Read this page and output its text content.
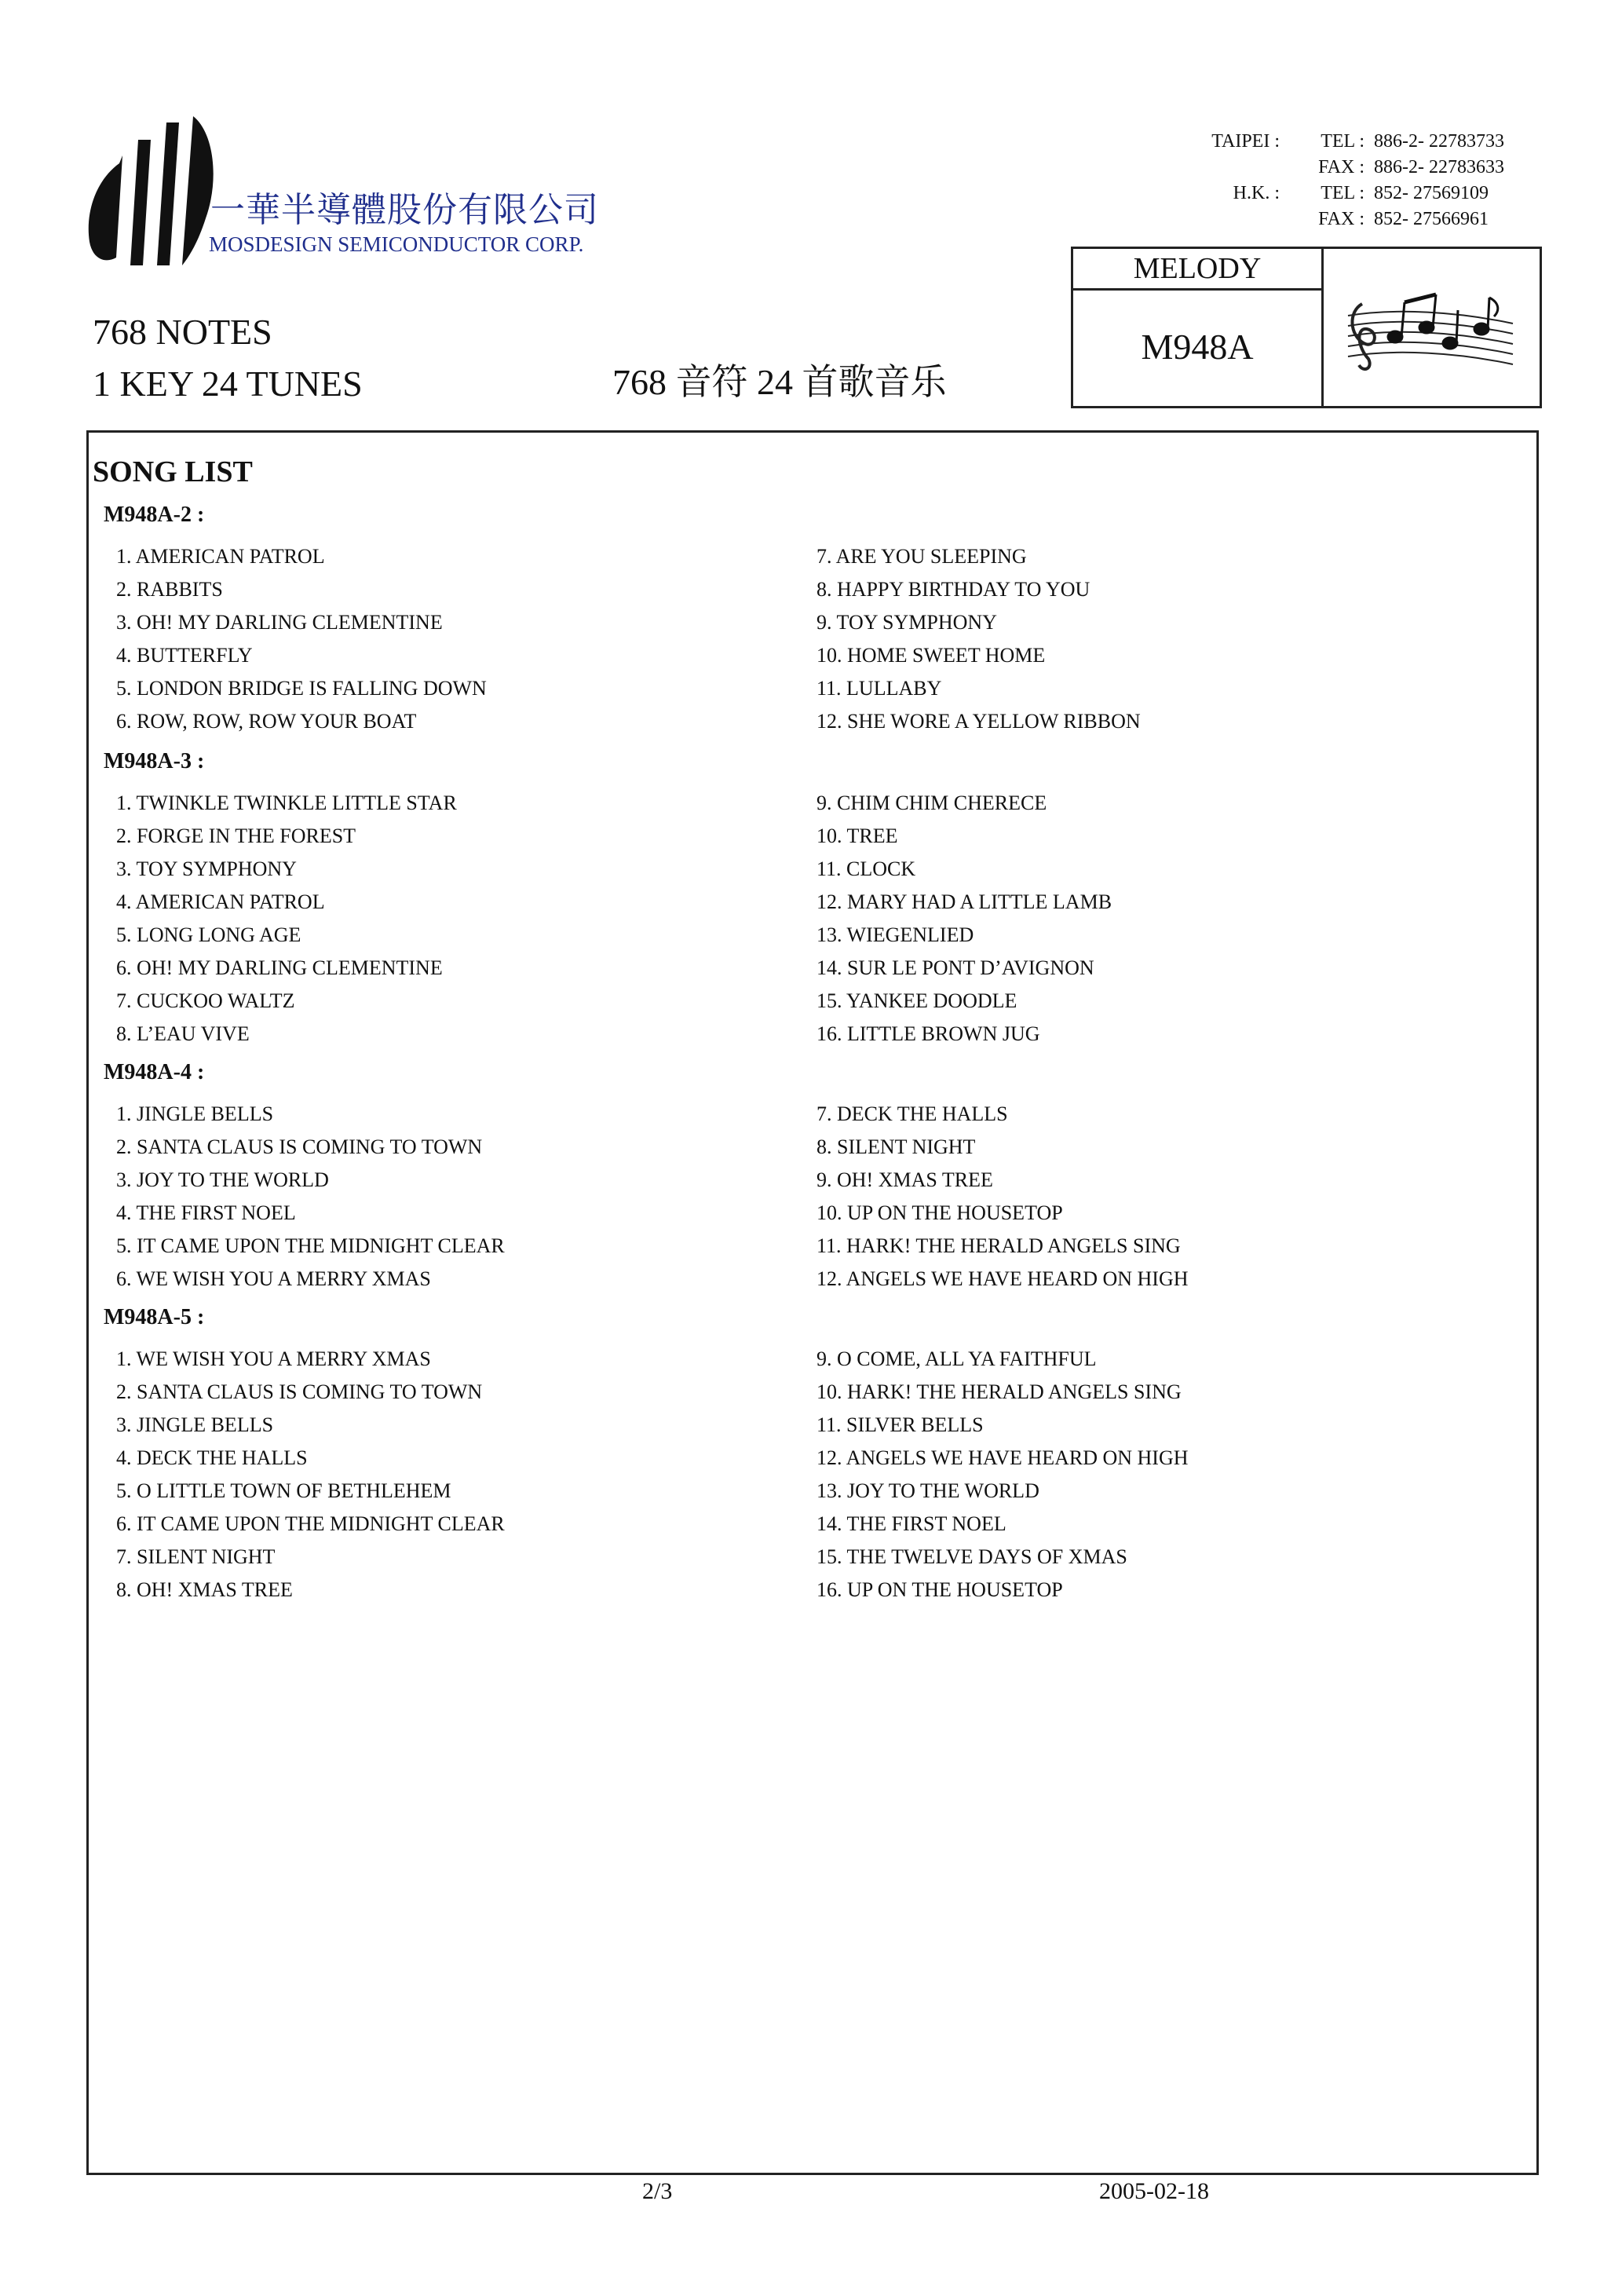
一華半導體股份有限公司
MOSDESIGN SEMICONDUCTOR CORP.
TAIPEI :	TEL : 886-2- 22783733
FAX : 886-2- 22783633
H.K. :	TEL : 852- 27569109
FAX : 852- 27566961
MELODY
M948A
768 NOTES
1 KEY 24 TUNES	768 音符 24 首歌音乐
SONG LIST
M948A-2 :
1. AMERICAN PATROL
2. RABBITS
3. OH! MY DARLING CLEMENTINE
4. BUTTERFLY
5. LONDON BRIDGE IS FALLING DOWN
6. ROW, ROW, ROW YOUR BOAT
7. ARE YOU SLEEPING
8. HAPPY BIRTHDAY TO YOU
9. TOY SYMPHONY
10. HOME SWEET HOME
11. LULLABY
12. SHE WORE A YELLOW RIBBON
M948A-3 :
1. TWINKLE TWINKLE LITTLE STAR
2. FORGE IN THE FOREST
3. TOY SYMPHONY
4. AMERICAN PATROL
5. LONG LONG AGE
6. OH! MY DARLING CLEMENTINE
7. CUCKOO WALTZ
8. L’EAU VIVE
9. CHIM CHIM CHERECE
10. TREE
11. CLOCK
12. MARY HAD A LITTLE LAMB
13. WIEGENLIED
14. SUR LE PONT D’AVIGNON
15. YANKEE DOODLE
16. LITTLE BROWN JUG
M948A-4 :
1. JINGLE BELLS
2. SANTA CLAUS IS COMING TO TOWN
3. JOY TO THE WORLD
4. THE FIRST NOEL
5. IT CAME UPON THE MIDNIGHT CLEAR
6. WE WISH YOU A MERRY XMAS
7. DECK THE HALLS
8. SILENT NIGHT
9. OH! XMAS TREE
10. UP ON THE HOUSETOP
11. HARK! THE HERALD ANGELS SING
12. ANGELS WE HAVE HEARD ON HIGH
M948A-5 :
1. WE WISH YOU A MERRY XMAS
2. SANTA CLAUS IS COMING TO TOWN
3. JINGLE BELLS
4. DECK THE HALLS
5. O LITTLE TOWN OF BETHLEHEM
6. IT CAME UPON THE MIDNIGHT CLEAR
7. SILENT NIGHT
8. OH! XMAS TREE
9. O COME, ALL YA FAITHFUL
10. HARK! THE HERALD ANGELS SING
11. SILVER BELLS
12. ANGELS WE HAVE HEARD ON HIGH
13. JOY TO THE WORLD
14. THE FIRST NOEL
15. THE TWELVE DAYS OF XMAS
16. UP ON THE HOUSETOP
2/3	2005-02-18
